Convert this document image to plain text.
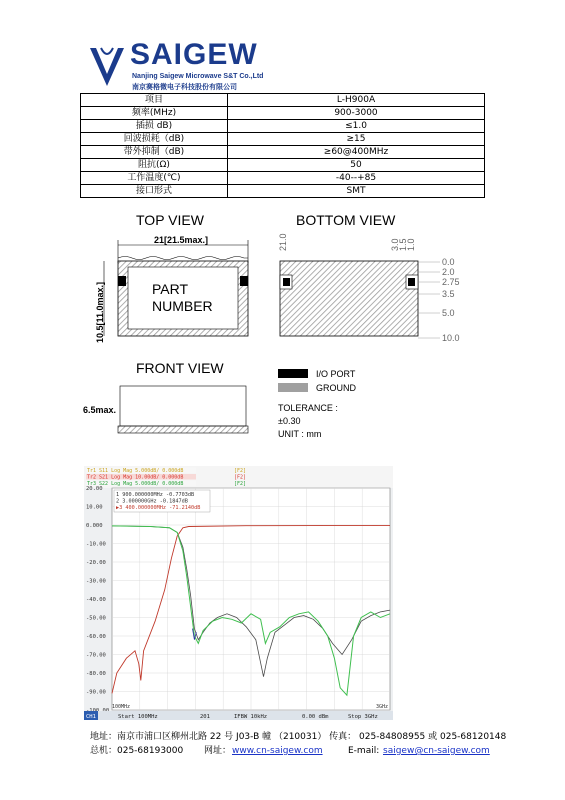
SAIGEW
Nanjing Saigew Microwave S&T Co.,Ltd
南京赛格微电子科技股份有限公司
项目	L-H900A
频率(MHz)	900-3000
插损 dB)	≤1.0
回波损耗（dB)	≥15
带外抑制（dB)	≥60@400MHz
阻抗(Ω)	50
工作温度(℃)	-40--+85
接口形式	SMT
TOP VIEW
21[21.5max.]
PART
NUMBER
10.5[11.0max.]
BOTTOM VIEW
21.0	3.0
1.5
1.0
0.0
2.0
2.75
3.5
5.0
10.0
FRONT VIEW
6.5max.
I/O PORT
GROUND
TOLERANCE :
±0.30
UNIT : mm
Tr1 S11 Log Mag 5.000dB/ 0.000dB	[F2]
Tr2 S21 Log Mag 10.00dB/ 0.000dB	[F2]
Tr3 S22 Log Mag 5.000dB/ 0.000dB	[F2]
20.00
10.00
0.000
-10.00
-20.00
-30.00
-40.00
-50.00
-60.00
-70.00
-80.00
-90.00
1 900.000000MHz -0.7703dB
2 3.000000GHz -0.1847dB
▶3 400.000000MHz -71.2140dB
100MHz	3GHz
CH1	Start 100MHz	201	IFBW 10kHz	0.00 dBm	Stop 3GHz
地址：南京市浦口区柳州北路 22 号 J03-B 幢 （210031） 传真： 025-84808955 或 025-68120148
总机：025-68193000 网址： www.cn-saigew.com	E-mail: saigew@cn-saigew.com
